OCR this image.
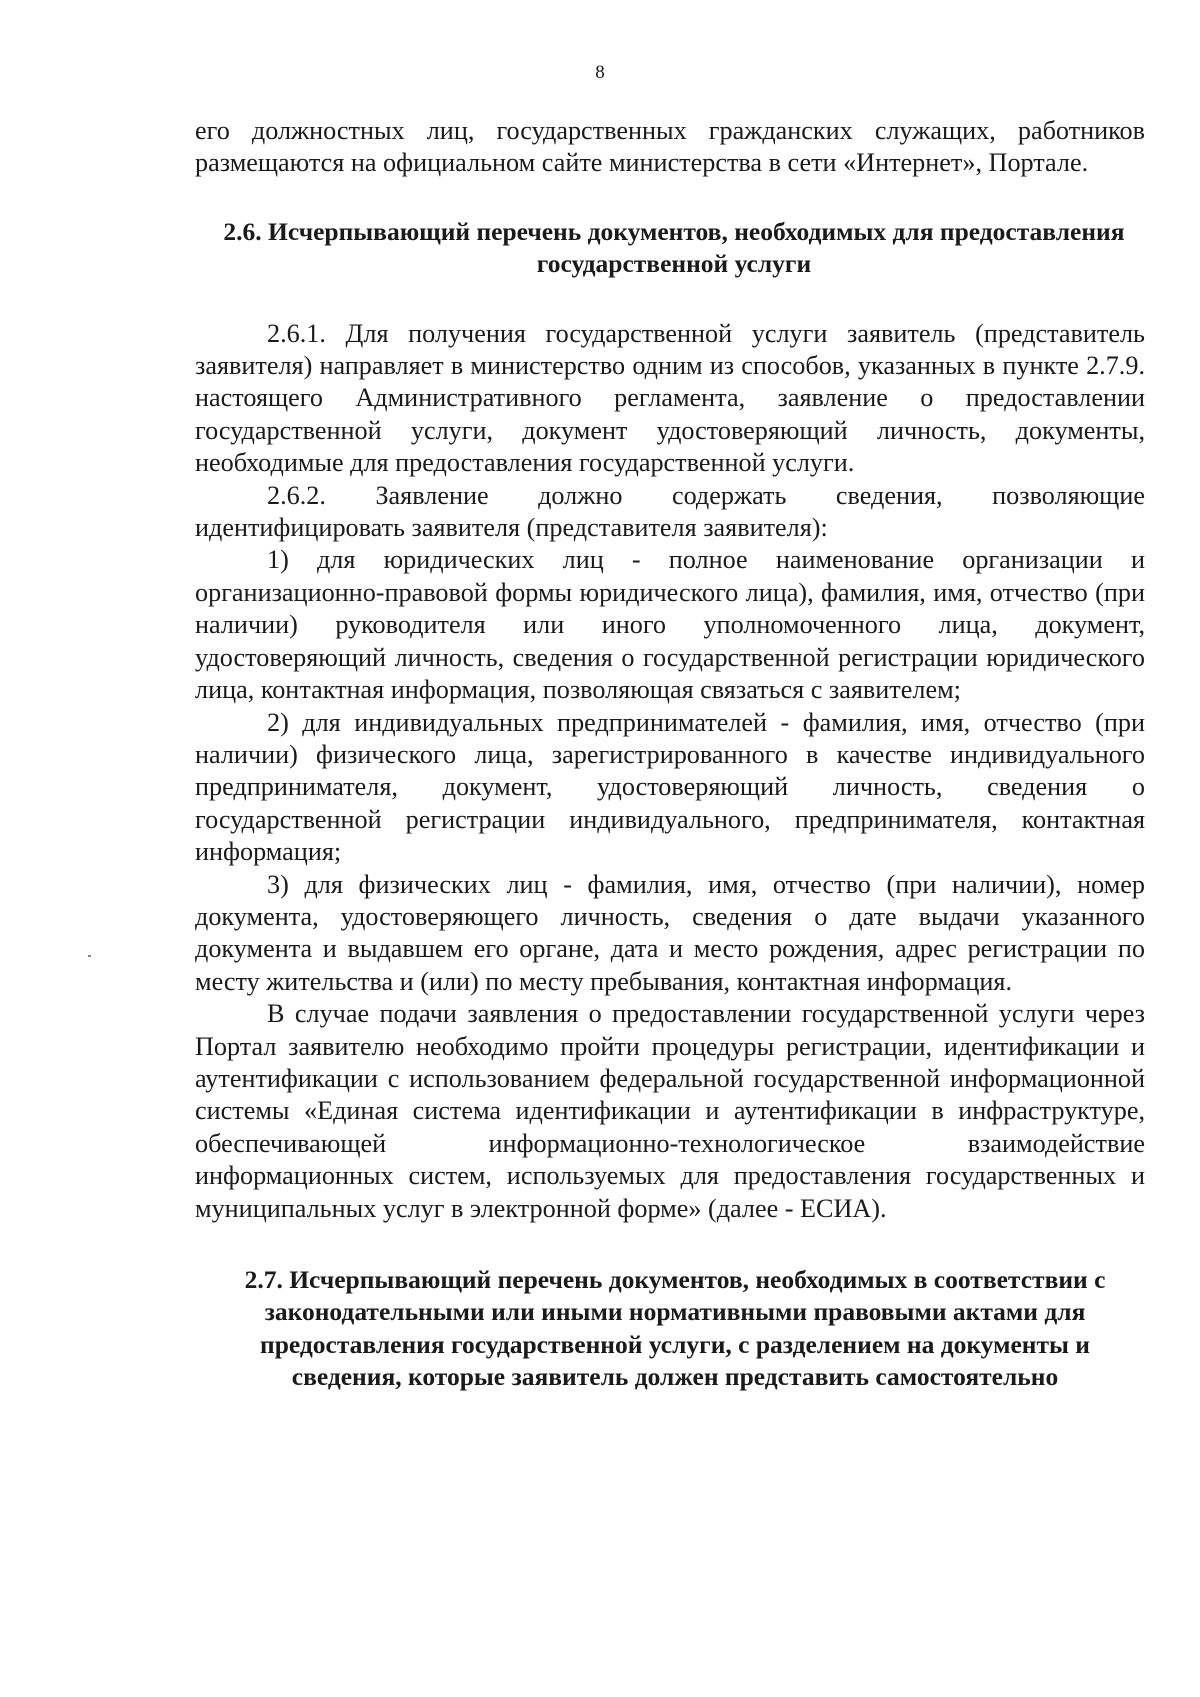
8

его должностных лиц, государственных гражданских служащих, работников размещаются на официальном сайте министерства в сети «Интернет», Портале.

2.6. Исчерпывающий перечень документов, необходимых для предоставления государственной услуги

2.6.1. Для получения государственной услуги заявитель (представитель заявителя) направляет в министерство одним из способов, указанных в пункте 2.7.9. настоящего Административного регламента, заявление о предоставлении государственной услуги, документ удостоверяющий личность, документы, необходимые для предоставления государственной услуги.

2.6.2. Заявление должно содержать сведения, позволяющие идентифицировать заявителя (представителя заявителя):

1) для юридических лиц - полное наименование организации и организационно-правовой формы юридического лица), фамилия, имя, отчество (при наличии) руководителя или иного уполномоченного лица, документ, удостоверяющий личность, сведения о государственной регистрации юридического лица, контактная информация, позволяющая связаться с заявителем;

2) для индивидуальных предпринимателей - фамилия, имя, отчество (при наличии) физического лица, зарегистрированного в качестве индивидуального предпринимателя, документ, удостоверяющий личность, сведения о государственной регистрации индивидуального, предпринимателя, контактная информация;

3) для физических лиц - фамилия, имя, отчество (при наличии), номер документа, удостоверяющего личность, сведения о дате выдачи указанного документа и выдавшем его органе, дата и место рождения, адрес регистрации по месту жительства и (или) по месту пребывания, контактная информация.

В случае подачи заявления о предоставлении государственной услуги через Портал заявителю необходимо пройти процедуры регистрации, идентификации и аутентификации с использованием федеральной государственной информационной системы «Единая система идентификации и аутентификации в инфраструктуре, обеспечивающей информационно-технологическое взаимодействие информационных систем, используемых для предоставления государственных и муниципальных услуг в электронной форме» (далее - ЕСИА).

2.7. Исчерпывающий перечень документов, необходимых в соответствии с законодательными или иными нормативными правовыми актами для предоставления государственной услуги, с разделением на документы и сведения, которые заявитель должен представить самостоятельно
